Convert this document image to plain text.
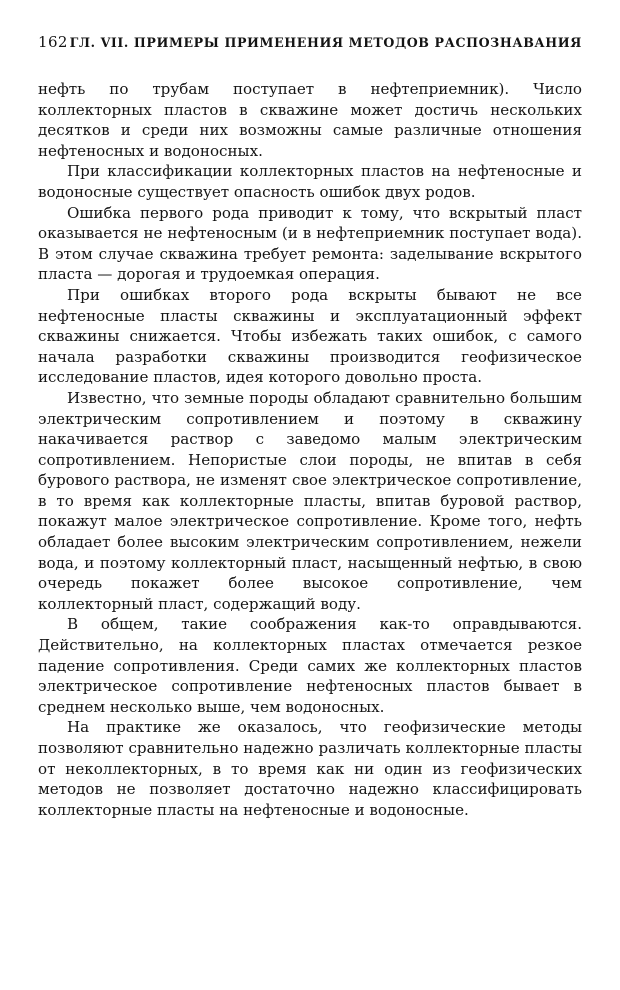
162 ГЛ. VII. ПРИМЕРЫ ПРИМЕНЕНИЯ МЕТОДОВ РАСПОЗНАВАНИЯ

нефть по трубам поступает в нефтеприемник). Число коллекторных пластов в скважине может достичь нескольких десятков и среди них возможны самые различные отношения нефтеносных и водоносных.

При классификации коллекторных пластов на нефтеносные и водоносные существует опасность ошибок двух родов.

Ошибка первого рода приводит к тому, что вскрытый пласт оказывается не нефтеносным (и в нефтеприемник поступает вода). В этом случае скважина требует ремонта: заделывание вскрытого пласта — дорогая и трудоемкая операция.

При ошибках второго рода вскрыты бывают не все нефтеносные пласты скважины и эксплуатационный эффект скважины снижается. Чтобы избежать таких ошибок, с самого начала разработки скважины производится геофизическое исследование пластов, идея которого довольно проста.

Известно, что земные породы обладают сравнительно большим электрическим сопротивлением и поэтому в скважину накачивается раствор с заведомо малым электрическим сопротивлением. Непористые слои породы, не впитав в себя бурового раствора, не изменят свое электрическое сопротивление, в то время как коллекторные пласты, впитав буровой раствор, покажут малое электрическое сопротивление. Кроме того, нефть обладает более высоким электрическим сопротивлением, нежели вода, и поэтому коллекторный пласт, насыщенный нефтью, в свою очередь покажет более высокое сопротивление, чем коллекторный пласт, содержащий воду.

В общем, такие соображения как-то оправдываются. Действительно, на коллекторных пластах отмечается резкое падение сопротивления. Среди самих же коллекторных пластов электрическое сопротивление нефтеносных пластов бывает в среднем несколько выше, чем водоносных.

На практике же оказалось, что геофизические методы позволяют сравнительно надежно различать коллекторные пласты от неколлекторных, в то время как ни один из геофизических методов не позволяет достаточно надежно классифицировать коллекторные пласты на нефтеносные и водоносные.
